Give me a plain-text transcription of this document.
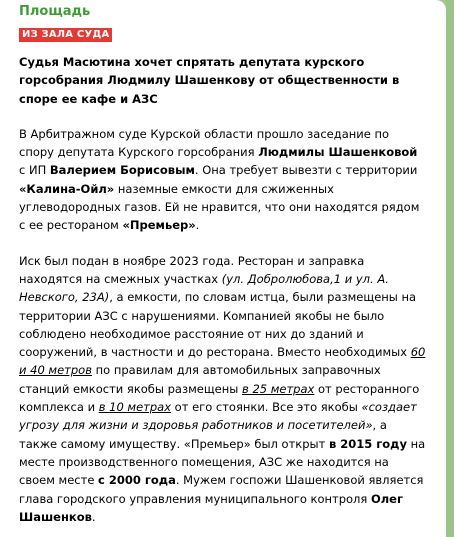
Площадь
ИЗ ЗАЛА СУДА
Судья Масютина хочет спрятать депутата курского горсобрания Людмилу Шашенкову от общественности в споре ее кафе и АЗС
В Арбитражном суде Курской области прошло заседание по спору депутата Курского горсобрания Людмилы Шашенковой с ИП Валерием Борисовым. Она требует вывезти с территории «Калина-Ойл» наземные емкости для сжиженных углеводородных газов. Ей не нравится, что они находятся рядом с ее рестораном «Премьер».
Иск был подан в ноябре 2023 года. Ресторан и заправка находятся на смежных участках (ул. Добролюбова,1 и ул. А. Невского, 23А), а емкости, по словам истца, были размещены на территории АЗС с нарушениями. Компанией якобы не было соблюдено необходимое расстояние от них до зданий и сооружений, в частности и до ресторана. Вместо необходимых 60 и 40 метров по правилам для автомобильных заправочных станций емкости якобы размещены в 25 метрах от ресторанного комплекса и в 10 метрах от его стоянки. Все это якобы «создает угрозу для жизни и здоровья работников и посетителей», а также самому имуществу. «Премьер» был открыт в 2015 году на месте производственного помещения, АЗС же находится на своем месте с 2000 года. Мужем госпожи Шашенковой является глава городского управления муниципального контроля Олег Шашенков.
